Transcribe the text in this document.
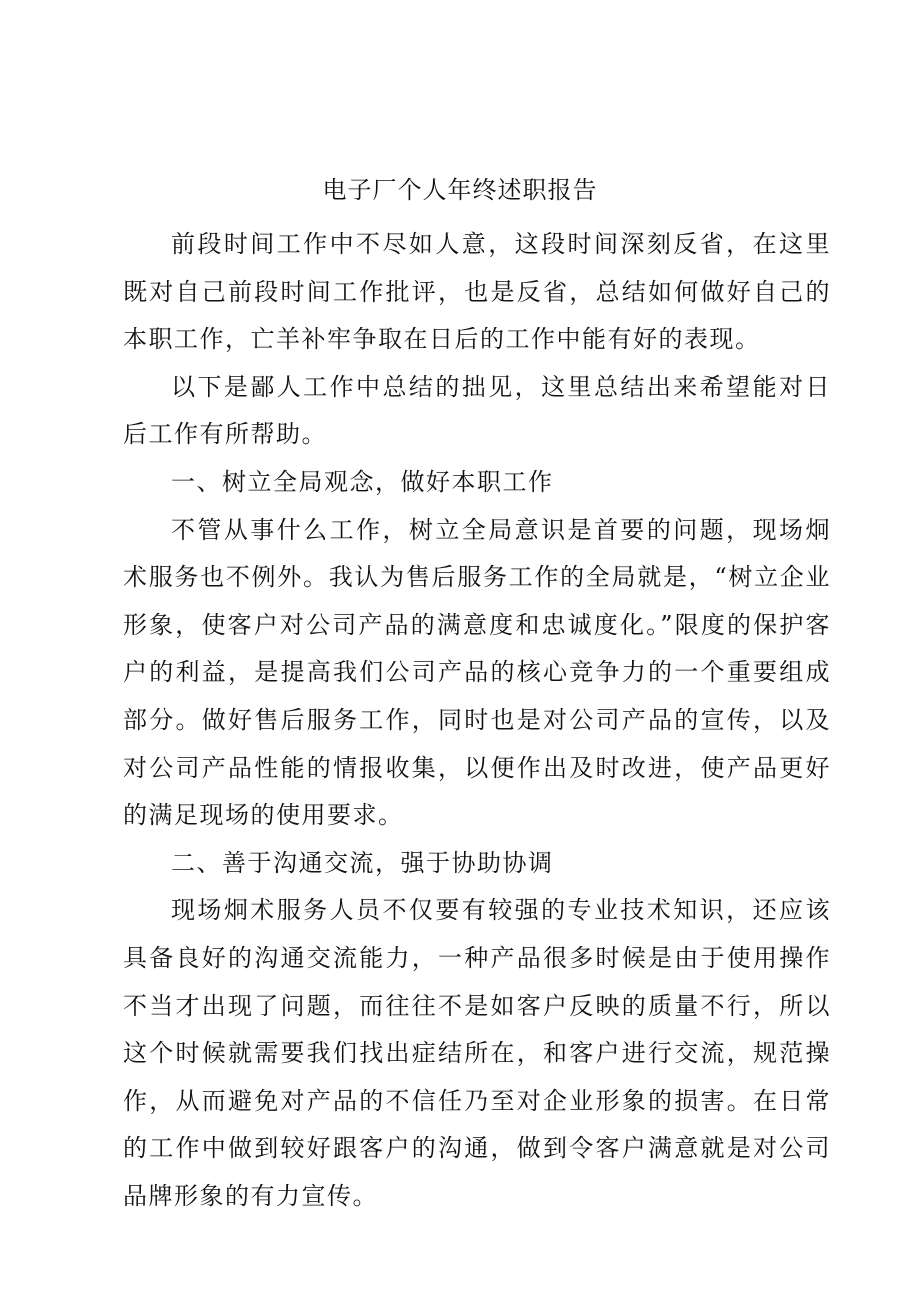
电子厂个人年终述职报告

前段时间工作中不尽如人意，这段时间深刻反省，在这里既对自己前段时间工作批评，也是反省，总结如何做好自己的本职工作，亡羊补牢争取在日后的工作中能有好的表现。

以下是鄙人工作中总结的拙见，这里总结出来希望能对日后工作有所帮助。

一、树立全局观念，做好本职工作

不管从事什么工作，树立全局意识是首要的问题，现场炯术服务也不例外。我认为售后服务工作的全局就是，“树立企业形象，使客户对公司产品的满意度和忠诚度化。”限度的保护客户的利益，是提高我们公司产品的核心竞争力的一个重要组成部分。做好售后服务工作，同时也是对公司产品的宣传，以及对公司产品性能的情报收集，以便作出及时改进，使产品更好的满足现场的使用要求。

二、善于沟通交流，强于协助协调

现场炯术服务人员不仅要有较强的专业技术知识，还应该具备良好的沟通交流能力，一种产品很多时候是由于使用操作不当才出现了问题，而往往不是如客户反映的质量不行，所以这个时候就需要我们找出症结所在，和客户进行交流，规范操作，从而避免对产品的不信任乃至对企业形象的损害。在日常的工作中做到较好跟客户的沟通，做到令客户满意就是对公司品牌形象的有力宣传。
